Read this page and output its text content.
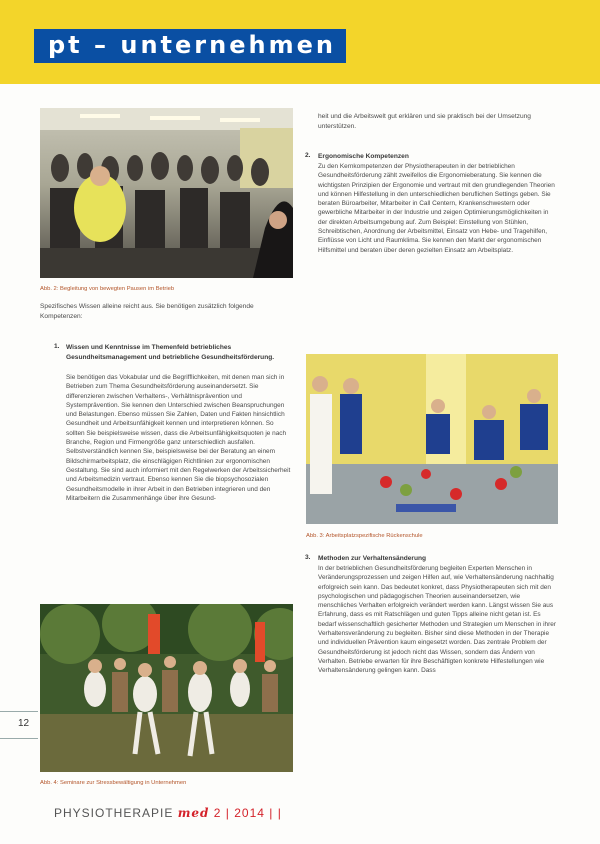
pt – unternehmen
Abb. 2: Begleitung von bewegten Pausen im Betrieb
Spezifisches Wissen alleine reicht aus. Sie benötigen zusätzlich folgende Kompetenzen:
1. Wissen und Kenntnisse im Themenfeld betriebliches Gesundheitsmanagement und betriebliche Gesundheitsförderung.
Sie benötigen das Vokabular und die Begrifflichkeiten, mit denen man sich in Betrieben zum Thema Gesundheitsförderung auseinandersetzt. Sie differenzieren zwischen Verhaltens-, Verhältnisprävention und Systemprävention. Sie kennen den Unterschied zwischen Beanspruchungen und Belastungen. Ebenso müssen Sie Zahlen, Daten und Fakten hinsichtlich Gesundheit und Arbeitsunfähigkeit kennen und interpretieren können. So sollten Sie beispielsweise wissen, dass die Arbeitsunfähigkeitsquoten je nach Branche, Region und Firmengröße ganz unterschiedlich ausfallen. Selbstverständlich kennen Sie, beispielsweise bei der Beratung an einem Bildschirmarbeitsplatz, die einschlägigen Richtlinien zur ergonomischen Gestaltung. Sie sind auch informiert mit den Regelwerken der Arbeitssicherheit und Arbeitsmedizin vertraut. Ebenso kennen Sie die biopsychosozialen Gesundheitsmodelle in ihrer Arbeit in den Betrieben integrieren und den Mitarbeitern die Zusammenhänge über ihre Gesund-
Abb. 4: Seminare zur Stressbewältigung in Unternehmen
heit und die Arbeitswelt gut erklären und sie praktisch bei der Umsetzung unterstützen.
2. Ergonomische Kompetenzen
Zu den Kernkompetenzen der Physiotherapeuten in der betrieblichen Gesundheitsförderung zählt zweifellos die Ergonomieberatung. Sie kennen die wichtigsten Prinzipien der Ergonomie und vertraut mit den grundlegenden Theorien und können Hilfestellung in den unterschiedlichen beruflichen Settings geben. Sie beraten Büroarbeiter, Mitarbeiter in Call Centern, Krankenschwestern oder gewerbliche Mitarbeiter in der Industrie und zeigen Optimierungsmöglichkeiten in der direkten Arbeitsumgebung auf. Zum Beispiel: Einstellung von Stühlen, Schreibtischen, Anordnung der Arbeitsmittel, Einsatz von Hebe- und Tragehilfen, Einflüsse von Licht und Raumklima. Sie kennen den Markt der ergonomischen Hilfsmittel und beraten über deren gezielten Einsatz am Arbeitsplatz.
Abb. 3: Arbeitsplatzspezifische Rückenschule
3. Methoden zur Verhaltensänderung
In der betrieblichen Gesundheitsförderung begleiten Experten Menschen in Veränderungsprozessen und zeigen Hilfen auf, wie Verhaltensänderung nachhaltig erfolgreich sein kann. Das bedeutet konkret, dass Physiotherapeuten sich mit den psychologischen und pädagogischen Theorien auseinandersetzen, wie menschliches Verhalten erfolgreich verändert werden kann. Längst wissen Sie aus Erfahrung, dass es mit Ratschlägen und guten Tipps alleine nicht getan ist. Es bedarf wissenschaftlich gesicherter Methoden und Strategien um Menschen in ihrer Verhaltensveränderung zu begleiten. Bisher sind diese Methoden in der Therapie und individuellen Prävention kaum eingesetzt worden. Das zentrale Problem der Gesundheitsförderung ist jedoch nicht das Wissen, sondern das Ändern von Verhalten. Betriebe erwarten für ihre Beschäftigten konkrete Hilfestellungen wie Verhaltensänderung gelingen kann. Dass
12
PHYSIOTHERAPIE med 2 | 2014 | |
